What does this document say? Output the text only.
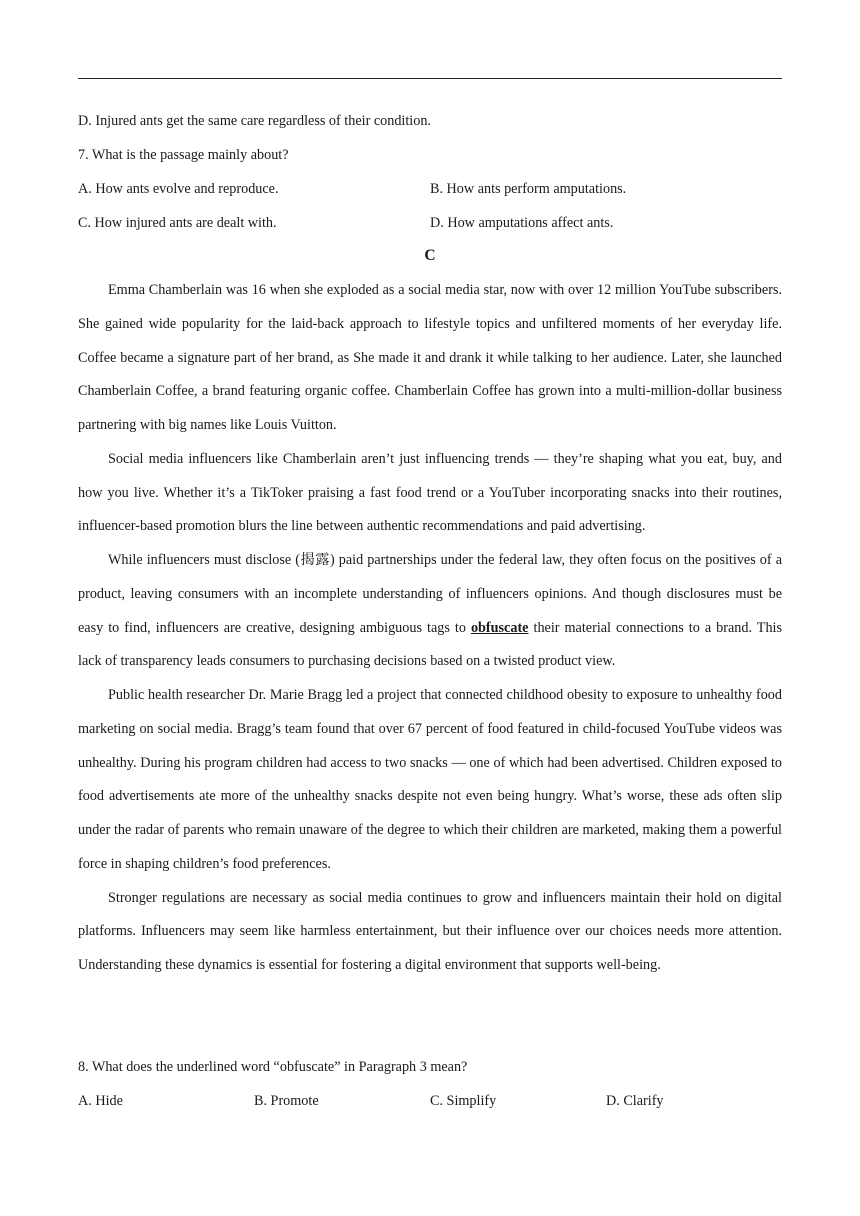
D. Injured ants get the same care regardless of their condition.
7. What is the passage mainly about?
A. How ants evolve and reproduce.	B. How ants perform amputations.
C. How injured ants are dealt with.	D. How amputations affect ants.
C

Emma Chamberlain was 16 when she exploded as a social media star, now with over 12 million YouTube subscribers. She gained wide popularity for the laid-back approach to lifestyle topics and unfiltered moments of her everyday life. Coffee became a signature part of her brand, as She made it and drank it while talking to her audience. Later, she launched Chamberlain Coffee, a brand featuring organic coffee. Chamberlain Coffee has grown into a multi-million-dollar business partnering with big names like Louis Vuitton.

Social media influencers like Chamberlain aren’t just influencing trends — they’re shaping what you eat, buy, and how you live. Whether it’s a TikToker praising a fast food trend or a YouTuber incorporating snacks into their routines, influencer-based promotion blurs the line between authentic recommendations and paid advertising.

While influencers must disclose (揭露) paid partnerships under the federal law, they often focus on the positives of a product, leaving consumers with an incomplete understanding of influencers opinions. And though disclosures must be easy to find, influencers are creative, designing ambiguous tags to obfuscate their material connections to a brand. This lack of transparency leads consumers to purchasing decisions based on a twisted product view.

Public health researcher Dr. Marie Bragg led a project that connected childhood obesity to exposure to unhealthy food marketing on social media. Bragg’s team found that over 67 percent of food featured in child-focused YouTube videos was unhealthy. During his program children had access to two snacks — one of which had been advertised. Children exposed to food advertisements ate more of the unhealthy snacks despite not even being hungry. What’s worse, these ads often slip under the radar of parents who remain unaware of the degree to which their children are marketed, making them a powerful force in shaping children’s food preferences.

Stronger regulations are necessary as social media continues to grow and influencers maintain their hold on digital platforms. Influencers may seem like harmless entertainment, but their influence over our choices needs more attention. Understanding these dynamics is essential for fostering a digital environment that supports well-being.

8. What does the underlined word “obfuscate” in Paragraph 3 mean?
A. Hide	B. Promote	C. Simplify	D. Clarify
